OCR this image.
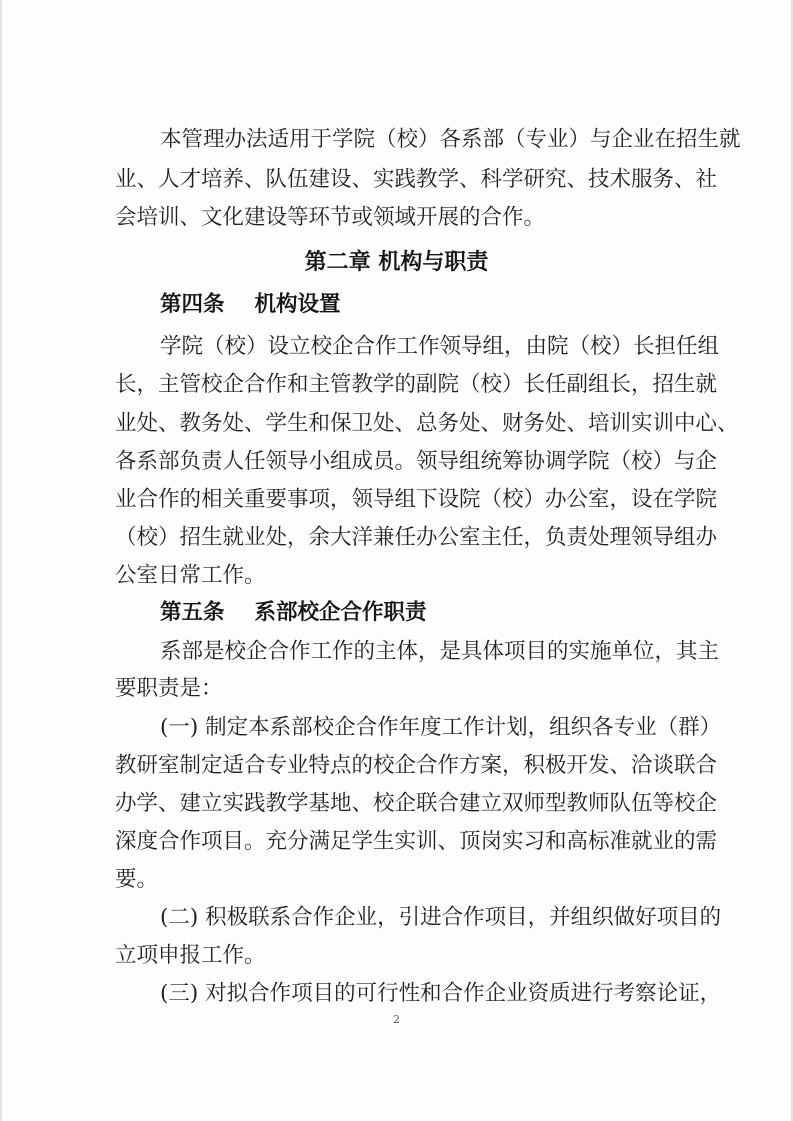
本管理办法适用于学院（校）各系部（专业）与企业在招生就
业、人才培养、队伍建设、实践教学、科学研究、技术服务、社
会培训、文化建设等环节或领域开展的合作。
第二章 机构与职责
第四条    机构设置
学院（校）设立校企合作工作领导组，由院（校）长担任组
长，主管校企合作和主管教学的副院（校）长任副组长，招生就
业处、教务处、学生和保卫处、总务处、财务处、培训实训中心、
各系部负责人任领导小组成员。领导组统筹协调学院（校）与企
业合作的相关重要事项，领导组下设院（校）办公室，设在学院
（校）招生就业处，余大洋兼任办公室主任，负责处理领导组办
公室日常工作。
第五条    系部校企合作职责
系部是校企合作工作的主体，是具体项目的实施单位，其主
要职责是：
(一) 制定本系部校企合作年度工作计划，组织各专业（群）
教研室制定适合专业特点的校企合作方案，积极开发、洽谈联合
办学、建立实践教学基地、校企联合建立双师型教师队伍等校企
深度合作项目。充分满足学生实训、顶岗实习和高标准就业的需
要。
(二) 积极联系合作企业，引进合作项目，并组织做好项目的
立项申报工作。
(三) 对拟合作项目的可行性和合作企业资质进行考察论证，
2
